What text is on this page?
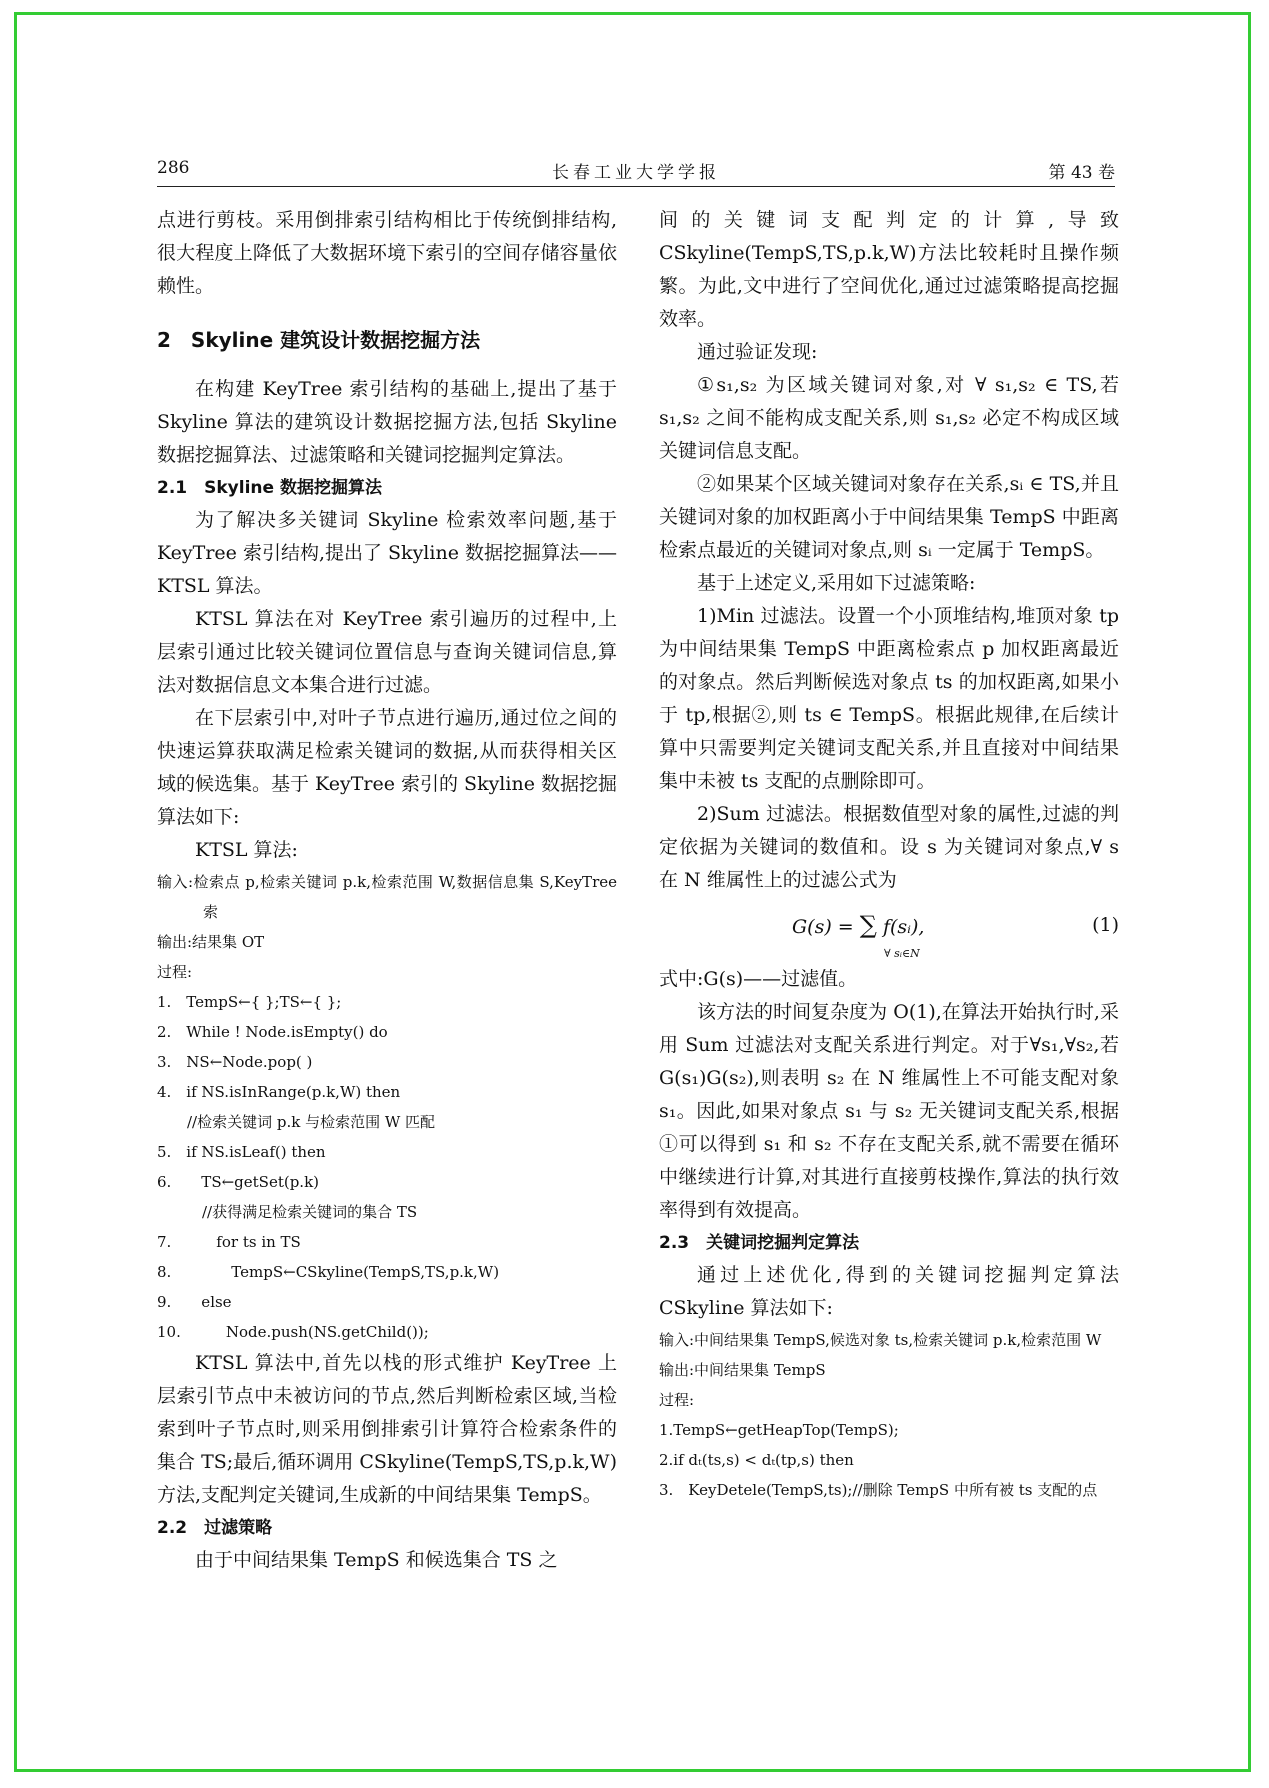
286	长春工业大学学报	第 43 卷

点进行剪枝。采用倒排索引结构相比于传统倒排结构,很大程度上降低了大数据环境下索引的空间存储容量依赖性。

2　Skyline 建筑设计数据挖掘方法

在构建 KeyTree 索引结构的基础上,提出了基于 Skyline 算法的建筑设计数据挖掘方法,包括 Skyline 数据挖掘算法、过滤策略和关键词挖掘判定算法。

2.1　Skyline 数据挖掘算法

为了解决多关键词 Skyline 检索效率问题,基于 KeyTree 索引结构,提出了 Skyline 数据挖掘算法—— KTSL 算法。

KTSL 算法在对 KeyTree 索引遍历的过程中,上层索引通过比较关键词位置信息与查询关键词信息,算法对数据信息文本集合进行过滤。

在下层索引中,对叶子节点进行遍历,通过位之间的快速运算获取满足检索关键词的数据,从而获得相关区域的候选集。基于 KeyTree 索引的 Skyline 数据挖掘算法如下:

KTSL 算法:

输入:检索点 p,检索关键词 p.k,检索范围 W,数据信息集 S,KeyTree 索
输出:结果集 OT
过程:
1.　TempS←{ };TS←{ };
2.　While ! Node.isEmpty() do
3.　NS←Node.pop( )
4.　if NS.isInRange(p.k,W) then
　　//检索关键词 p.k 与检索范围 W 匹配
5.　if NS.isLeaf() then
6.　　TS←getSet(p.k)
　　　//获得满足检索关键词的集合 TS
7.　　　for ts in TS
8.　　　　TempS←CSkyline(TempS,TS,p.k,W)
9.　　else
10.　　　Node.push(NS.getChild());

KTSL 算法中,首先以栈的形式维护 KeyTree 上层索引节点中未被访问的节点,然后判断检索区域,当检索到叶子节点时,则采用倒排索引计算符合检索条件的集合 TS;最后,循环调用 CSkyline(TempS,TS,p.k,W)方法,支配判定关键词,生成新的中间结果集 TempS。

2.2　过滤策略

由于中间结果集 TempS 和候选集合 TS 之

间的关键词支配判定的计算,导致 CSkyline(TempS,TS,p.k,W)方法比较耗时且操作频繁。为此,文中进行了空间优化,通过过滤策略提高挖掘效率。

通过验证发现:

①s₁,s₂ 为区域关键词对象,对 ∀ s₁,s₂ ∈ TS,若 s₁,s₂ 之间不能构成支配关系,则 s₁,s₂ 必定不构成区域关键词信息支配。

②如果某个区域关键词对象存在关系,sᵢ ∈ TS,并且关键词对象的加权距离小于中间结果集 TempS 中距离检索点最近的关键词对象点,则 sᵢ 一定属于 TempS。

基于上述定义,采用如下过滤策略:

1)Min 过滤法。设置一个小顶堆结构,堆顶对象 tp 为中间结果集 TempS 中距离检索点 p 加权距离最近的对象点。然后判断候选对象点 ts 的加权距离,如果小于 tp,根据②,则 ts ∈ TempS。根据此规律,在后续计算中只需要判定关键词支配关系,并且直接对中间结果集中未被 ts 支配的点删除即可。

2)Sum 过滤法。根据数值型对象的属性,过滤的判定依据为关键词的数值和。设 s 为关键词对象点,∀ s 在 N 维属性上的过滤公式为

G(s) = ∑ f(sᵢ),
∀ sᵢ∈N
(1)

式中:G(s)——过滤值。

该方法的时间复杂度为 O(1),在算法开始执行时,采用 Sum 过滤法对支配关系进行判定。对于∀s₁,∀s₂,若 G(s₁)G(s₂),则表明 s₂ 在 N 维属性上不可能支配对象 s₁。因此,如果对象点 s₁ 与 s₂ 无关键词支配关系,根据①可以得到 s₁ 和 s₂ 不存在支配关系,就不需要在循环中继续进行计算,对其进行直接剪枝操作,算法的执行效率得到有效提高。

2.3　关键词挖掘判定算法

通过上述优化,得到的关键词挖掘判定算法 CSkyline 算法如下:

输入:中间结果集 TempS,候选对象 ts,检索关键词 p.k,检索范围 W
输出:中间结果集 TempS
过程:
1.TempS←getHeapTop(TempS);
2.if dₜ(ts,s) < dₜ(tp,s) then
3.　KeyDetele(TempS,ts);//删除 TempS 中所有被 ts 支配的点
